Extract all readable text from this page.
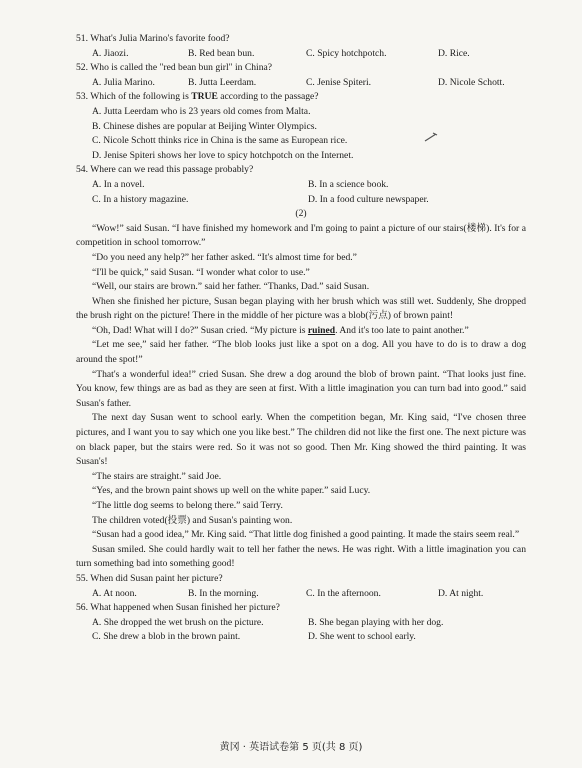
51. What's Julia Marino's favorite food?

A. Jiaozi.	B. Red bean bun.	C. Spicy hotchpotch.	D. Rice.

52. Who is called the "red bean bun girl" in China?

A. Julia Marino.	B. Jutta Leerdam.	C. Jenise Spiteri.	D. Nicole Schott.

53. Which of the following is TRUE according to the passage?

A. Jutta Leerdam who is 23 years old comes from Malta.
B. Chinese dishes are popular at Beijing Winter Olympics.
C. Nicole Schott thinks rice in China is the same as European rice.
D. Jenise Spiteri shows her love to spicy hotchpotch on the Internet.

54. Where can we read this passage probably?

A. In a novel.	B. In a science book.
C. In a history magazine.	D. In a food culture newspaper.

(2)

“Wow!” said Susan. “I have finished my homework and I'm going to paint a picture of our stairs(楼梯). It's for a competition in school tomorrow.”

“Do you need any help?” her father asked. “It's almost time for bed.”

“I'll be quick,” said Susan. “I wonder what color to use.”

“Well, our stairs are brown.” said her father. “Thanks, Dad.” said Susan.

When she finished her picture, Susan began playing with her brush which was still wet. Suddenly, She dropped the brush right on the picture! There in the middle of her picture was a blob(污点) of brown paint!

“Oh, Dad! What will I do?” Susan cried. “My picture is ruined. And it's too late to paint another.”

“Let me see,” said her father. “The blob looks just like a spot on a dog. All you have to do is to draw a dog around the spot!”

“That's a wonderful idea!” cried Susan. She drew a dog around the blob of brown paint. “That looks just fine. You know, few things are as bad as they are seen at first. With a little imagination you can turn bad into good.” said Susan's father.

The next day Susan went to school early. When the competition began, Mr. King said, “I've chosen three pictures, and I want you to say which one you like best.” The children did not like the first one. The next picture was on black paper, but the stairs were red. So it was not so good. Then Mr. King showed the third painting. It was Susan's!

“The stairs are straight.” said Joe.

“Yes, and the brown paint shows up well on the white paper.” said Lucy.

“The little dog seems to belong there.” said Terry.

The children voted(投票) and Susan's painting won.

“Susan had a good idea,” Mr. King said. “That little dog finished a good painting. It made the stairs seem real.”

Susan smiled. She could hardly wait to tell her father the news. He was right. With a little imagination you can turn something bad into something good!

55. When did Susan paint her picture?

A. At noon.	B. In the morning.	C. In the afternoon.	D. At night.

56. What happened when Susan finished her picture?

A. She dropped the wet brush on the picture.	B. She began playing with her dog.
C. She drew a blob in the brown paint.	D. She went to school early.
黄冈 · 英语试卷第 5 页(共 8 页)
